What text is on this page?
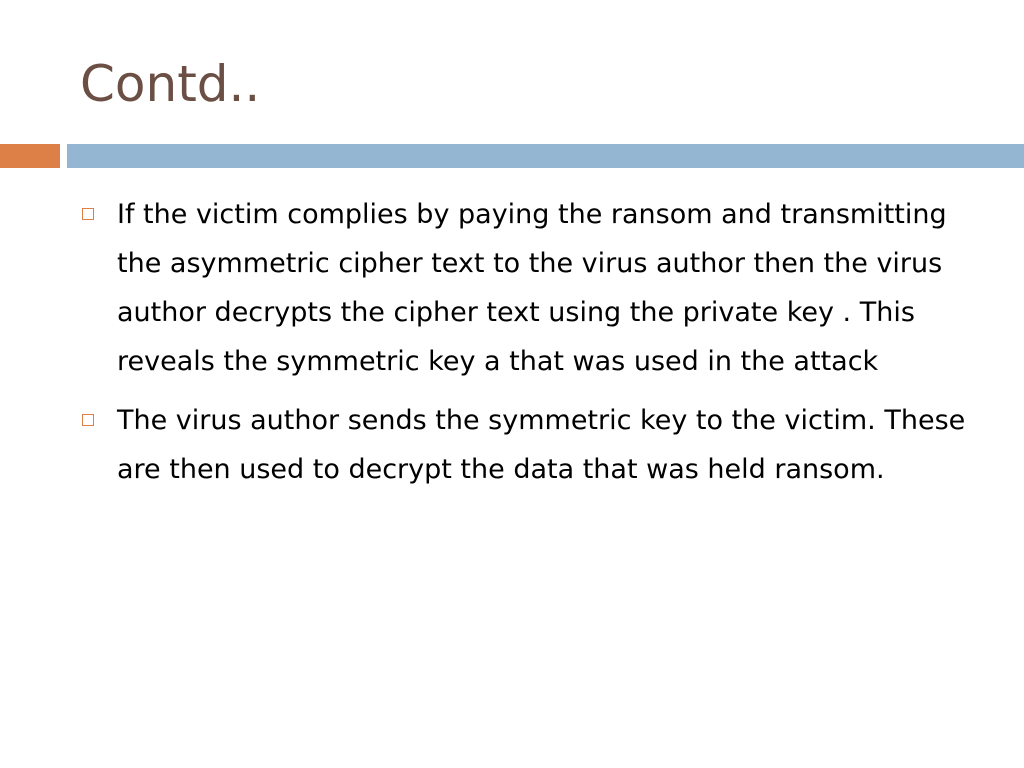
Contd..
If the victim complies by paying the ransom and transmitting the asymmetric cipher text to the virus author then the virus author decrypts the cipher text using the private key . This reveals the symmetric key a that was used in the attack
The virus author sends the symmetric key to the victim. These are then used to decrypt the data that was held ransom.
